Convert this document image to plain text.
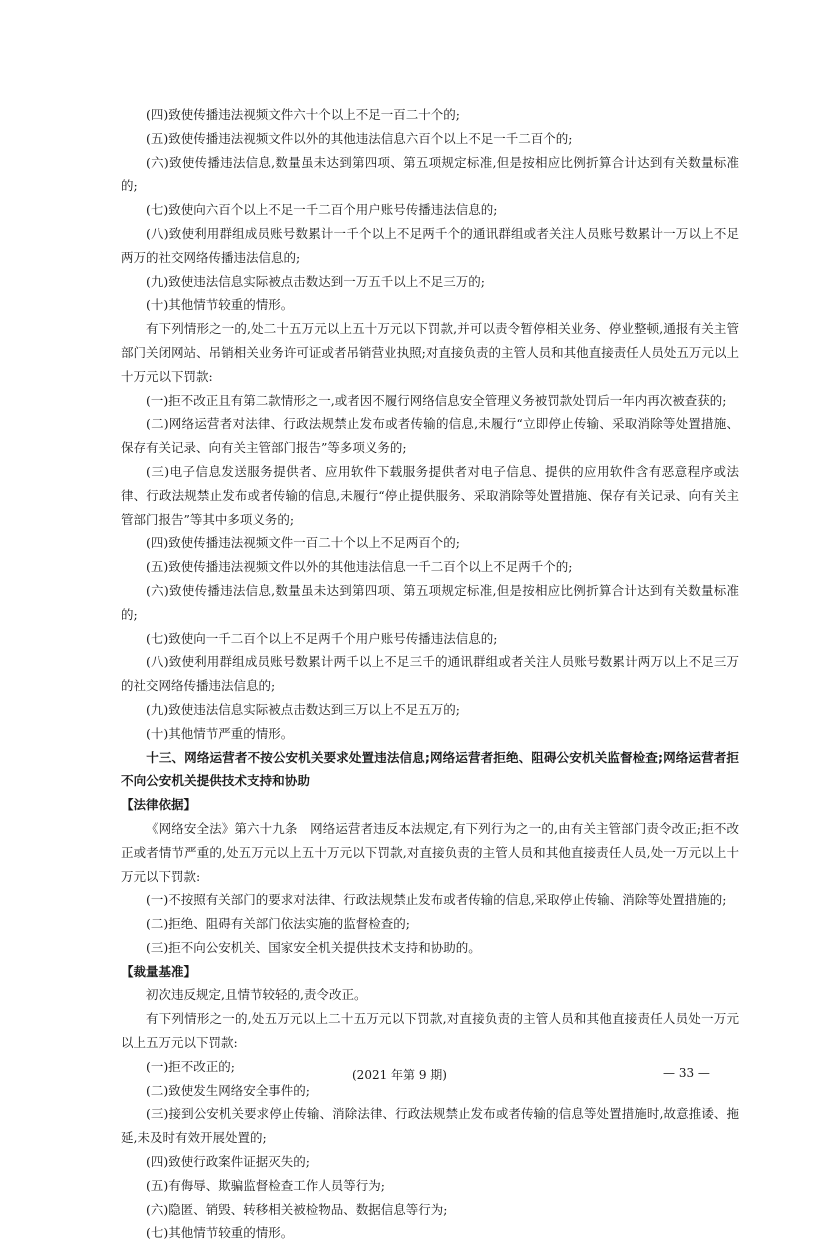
(四)致使传播违法视频文件六十个以上不足一百二十个的;

(五)致使传播违法视频文件以外的其他违法信息六百个以上不足一千二百个的;

(六)致使传播违法信息,数量虽未达到第四项、第五项规定标准,但是按相应比例折算合计达到有关数量标准的;

(七)致使向六百个以上不足一千二百个用户账号传播违法信息的;

(八)致使利用群组成员账号数累计一千个以上不足两千个的通讯群组或者关注人员账号数累计一万以上不足两万的社交网络传播违法信息的;

(九)致使违法信息实际被点击数达到一万五千以上不足三万的;

(十)其他情节较重的情形。

有下列情形之一的,处二十五万元以上五十万元以下罚款,并可以责令暂停相关业务、停业整顿,通报有关主管部门关闭网站、吊销相关业务许可证或者吊销营业执照;对直接负责的主管人员和其他直接责任人员处五万元以上十万元以下罚款:

(一)拒不改正且有第二款情形之一,或者因不履行网络信息安全管理义务被罚款处罚后一年内再次被查获的;

(二)网络运营者对法律、行政法规禁止发布或者传输的信息,未履行“立即停止传输、采取消除等处置措施、保存有关记录、向有关主管部门报告”等多项义务的;

(三)电子信息发送服务提供者、应用软件下载服务提供者对电子信息、提供的应用软件含有恶意程序或法律、行政法规禁止发布或者传输的信息,未履行“停止提供服务、采取消除等处置措施、保存有关记录、向有关主管部门报告”等其中多项义务的;

(四)致使传播违法视频文件一百二十个以上不足两百个的;

(五)致使传播违法视频文件以外的其他违法信息一千二百个以上不足两千个的;

(六)致使传播违法信息,数量虽未达到第四项、第五项规定标准,但是按相应比例折算合计达到有关数量标准的;

(七)致使向一千二百个以上不足两千个用户账号传播违法信息的;

(八)致使利用群组成员账号数累计两千以上不足三千的通讯群组或者关注人员账号数累计两万以上不足三万的社交网络传播违法信息的;

(九)致使违法信息实际被点击数达到三万以上不足五万的;

(十)其他情节严重的情形。

十三、网络运营者不按公安机关要求处置违法信息;网络运营者拒绝、阻碍公安机关监督检查;网络运营者拒不向公安机关提供技术支持和协助

【法律依据】

《网络安全法》第六十九条　网络运营者违反本法规定,有下列行为之一的,由有关主管部门责令改正;拒不改正或者情节严重的,处五万元以上五十万元以下罚款,对直接负责的主管人员和其他直接责任人员,处一万元以上十万元以下罚款:

(一)不按照有关部门的要求对法律、行政法规禁止发布或者传输的信息,采取停止传输、消除等处置措施的;

(二)拒绝、阻碍有关部门依法实施的监督检查的;

(三)拒不向公安机关、国家安全机关提供技术支持和协助的。

【裁量基准】

初次违反规定,且情节较轻的,责令改正。

有下列情形之一的,处五万元以上二十五万元以下罚款,对直接负责的主管人员和其他直接责任人员处一万元以上五万元以下罚款:

(一)拒不改正的;

(二)致使发生网络安全事件的;

(三)接到公安机关要求停止传输、消除法律、行政法规禁止发布或者传输的信息等处置措施时,故意推诿、拖延,未及时有效开展处置的;

(四)致使行政案件证据灭失的;

(五)有侮辱、欺骗监督检查工作人员等行为;

(六)隐匿、销毁、转移相关被检物品、数据信息等行为;

(七)其他情节较重的情形。

(2021 年第 9 期)	— 33 —
